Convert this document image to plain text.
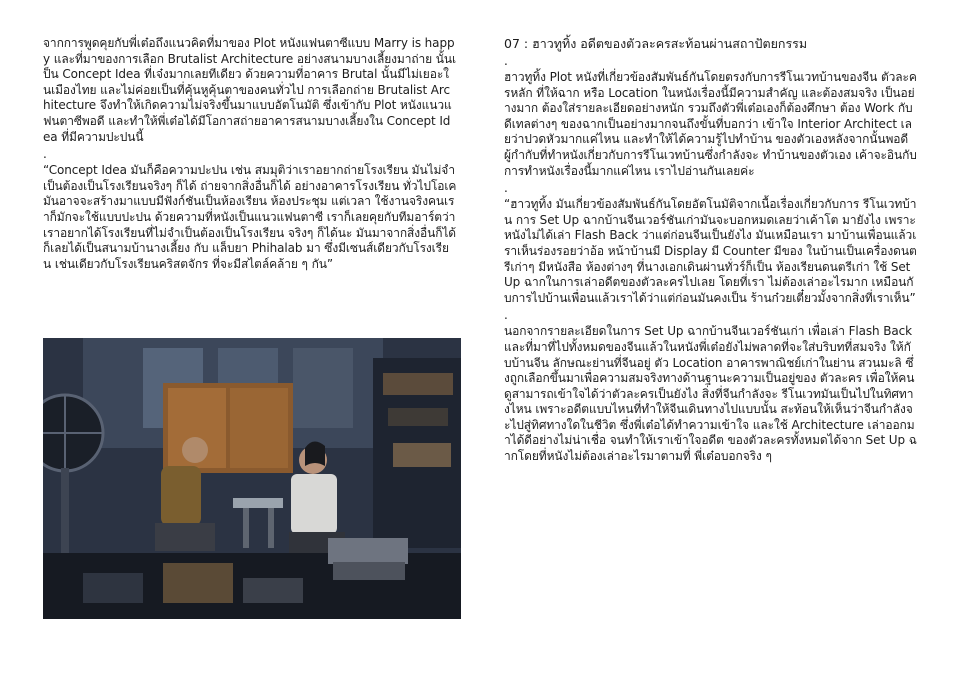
จากการพูดคุยกับพี่เต๋อถึงแนวคิดที่มาของ Plot หนังแฟนตาซีแบบ Marry is happy และที่มาของการเลือก Brutalist Architecture อย่างสนามบางเลี้ยงมาถ่าย นั้นเป็น Concept Idea ที่เจ๋งมากเลยทีเดียว ด้วยความที่อาคาร Brutal นั้นมีไม่เยอะในเมืองไทย และไม่ค่อยเป็นที่คุ้นหูคุ้นตาของคนทั่วไป การเลือกถ่าย Brutalist Architecture จึงทำให้เกิดความไม่จริงขึ้นมาแบบอัตโนมัติ ซึ่งเข้ากับ Plot หนังแนวแฟนตาซีพอดี และทำให้พี่เต๋อได้มีโอกาสถ่ายอาคารสนามบางเลี้ยงใน Concept Idea ที่มีความปะปนนี้

.

“Concept Idea มันก็คือความปะปน เช่น สมมุติว่าเราอยากถ่ายโรงเรียน มันไม่จำเป็นต้องเป็นโรงเรียนจริงๆ ก็ได้ ถ่ายจากสิ่งอื่นก็ได้ อย่างอาคารโรงเรียน ทั่วไปโอเคมันอาจจะสร้างมาแบบมีฟังก์ชันเป็นห้องเรียน ห้องประชุม แต่เวลา ใช้งานจริงคนเราก็มักจะใช้แบบปะปน ด้วยความที่หนังเป็นแนวแฟนตาซี เราก็เลยคุยกับทีมอาร์ตว่าเราอยากได้โรงเรียนที่ไม่จำเป็นต้องเป็นโรงเรียน จริงๆ ก็ได้นะ มันมาจากสิ่งอื่นก็ได้ ก็เลยได้เป็นสนามบ้านางเลี้ยง กับ แล็บยา Phihalab มา ซึ่งมีเซนส์เดียวกับโรงเรียน เช่นเดียวกับโรงเรียนคริสตจักร ที่จะมีสไตล์คล้าย ๆ กัน”

07 : ฮาวทูทิ้ง อดีตของตัวละครสะท้อนผ่านสถาปัตยกรรม

.

ฮาวทูทิ้ง Plot หนังที่เกี่ยวข้องสัมพันธ์กันโดยตรงกับการรีโนเวทบ้านของจีน ตัวละครหลัก ที่ให้ฉาก หรือ Location ในหนังเรื่องนี้มีความสำคัญ และต้องสมจริง เป็นอย่างมาก ต้องใส่รายละเอียดอย่างหนัก รวมถึงตัวพี่เต๋อเองก็ต้องศึกษา ต้อง Work กับดีเทลต่างๆ ของฉากเป็นอย่างมากจนถึงขั้นที่บอกว่า เข้าใจ Interior Architect เลยว่าปวดหัวมากแค่ไหน และทำให้ได้ความรู้ไปทำบ้าน ของตัวเองหลังจากนั้นพอดี ผู้กำกับที่ทำหนังเกี่ยวกับการรีโนเวทบ้านซึ่งกำลังจะ ทำบ้านของตัวเอง เค้าจะอินกับการทำหนังเรื่องนี้มากแค่ไหน เราไปอ่านกันเลยค่ะ

.

“ฮาวทูทิ้ง มันเกี่ยวข้องสัมพันธ์กันโดยอัตโนมัติจากเนื้อเรื่องเกี่ยวกับการ รีโนเวทบ้าน การ Set Up ฉากบ้านจีนเวอร์ชันเก่ามันจะบอกหมดเลยว่าเค้าโต มายังไง เพราะหนังไม่ได้เล่า Flash Back ว่าแต่ก่อนจีนเป็นยังไง มันเหมือนเรา มาบ้านเพื่อนแล้วเราเห็นร่องรอยว่าอ้อ หน้าบ้านมี Display มี Counter มีของ ในบ้านเป็นเครื่องดนตรีเก่าๆ มีหนังสือ ห้องต่างๆ ที่นางเอกเดินผ่านทั่วร์ก็เป็น ห้องเรียนดนตรีเก่า ใช้ Set Up ฉากในการเล่าอดีตของตัวละครไปเลย โดยที่เรา ไม่ต้องเล่าอะไรมาก เหมือนกับการไปบ้านเพื่อนแล้วเราได้ว่าแต่ก่อนมันคงเป็น ร้านก๋วยเตี๋ยวมั้งจากสิ่งที่เราเห็น”

.

นอกจากรายละเอียดในการ Set Up ฉากบ้านจีนเวอร์ชันเก่า เพื่อเล่า Flash Back และที่มาที่ไปทั้งหมดของจีนแล้วในหนังพี่เต๋อยังไม่พลาดที่จะใส่บริบทที่สมจริง ให้กับบ้านจีน ลักษณะย่านที่จีนอยู่ ตัว Location อาคารพาณิชย์เก่าในย่าน สวนมะลิ ซึ่งถูกเลือกขึ้นมาเพื่อความสมจริงทางด้านฐานะความเป็นอยู่ของ ตัวละคร เพื่อให้คนดูสามารถเข้าใจได้ว่าตัวละครเป็นยังไง สิ่งที่จีนกำลังจะ รีโนเวทมันเป็นไปในทิศทางไหน เพราะอดีตแบบไหนที่ทำให้จีนเดินทางไปแบบนั้น สะท้อนให้เห็นว่าจีนกำลังจะไปสู่ทิศทางใดในชีวิต ซึ่งพี่เต๋อได้ทำความเข้าใจ และใช้ Architecture เล่าออกมาได้ดีอย่างไม่น่าเชื่อ จนทำให้เราเข้าใจอดีต ของตัวละครทั้งหมดได้จาก Set Up ฉากโดยที่หนังไม่ต้องเล่าอะไรมาตามที่ พี่เต๋อบอกจริง ๆ
